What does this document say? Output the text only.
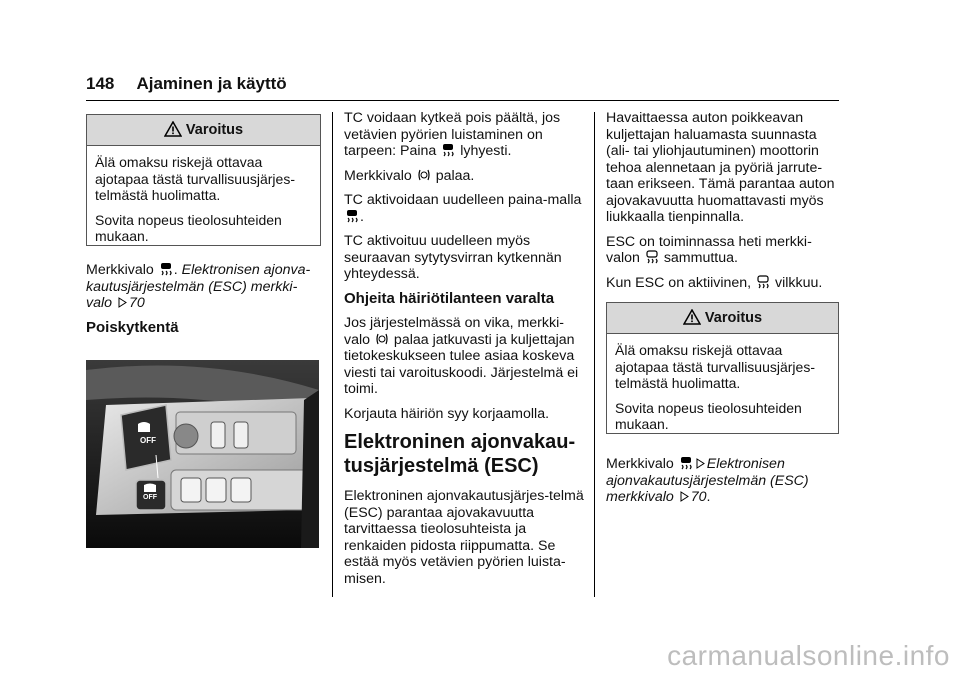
148 Ajaminen ja käyttö
Varoitus

Älä omaksu riskejä ottavaa ajotapaa tästä turvallisuusjärjes-telmästä huolimatta.

Sovita nopeus tieolosuhteiden mukaan.

Merkkivalo . Elektronisen ajonva-kautusjärjestelmän (ESC) merkki-valo 70

Poiskytkentä
OFF
OFF

TC voidaan kytkeä pois päältä, jos vetävien pyörien luistaminen on tarpeen: Paina  lyhyesti.

Merkkivalo  palaa.

TC aktivoidaan uudelleen paina-malla .

TC aktivoituu uudelleen myös seuraavan sytytysvirran kytkennän yhteydessä.

Ohjeita häiriötilanteen varalta

Jos järjestelmässä on vika, merkki-valo  palaa jatkuvasti ja kuljettajan tietokeskukseen tulee asiaa koskeva viesti tai varoituskoodi. Järjestelmä ei toimi.

Korjauta häiriön syy korjaamolla.

Elektroninen ajonvakau-tusjärjestelmä (ESC)

Elektroninen ajonvakautusjärjes-telmä (ESC) parantaa ajovakavuutta tarvittaessa tieolosuhteista ja renkaiden pidosta riippumatta. Se estää myös vetävien pyörien luista-misen.

Havaittaessa auton poikkeavan kuljettajan haluamasta suunnasta (ali- tai yliohjautuminen) moottorin tehoa alennetaan ja pyöriä jarrute-taan erikseen. Tämä parantaa auton ajovakavuutta huomattavasti myös liukkaalla tienpinnalla.

ESC on toiminnassa heti merkki-valon  sammuttua.

Kun ESC on aktiivinen,  vilkkuu.

Varoitus

Älä omaksu riskejä ottavaa ajotapaa tästä turvallisuusjärjes-telmästä huolimatta.

Sovita nopeus tieolosuhteiden mukaan.

Merkkivalo Elektronisen ajonvakautusjärjestelmän (ESC) merkkivalo 70.

carmanualsonline.info
